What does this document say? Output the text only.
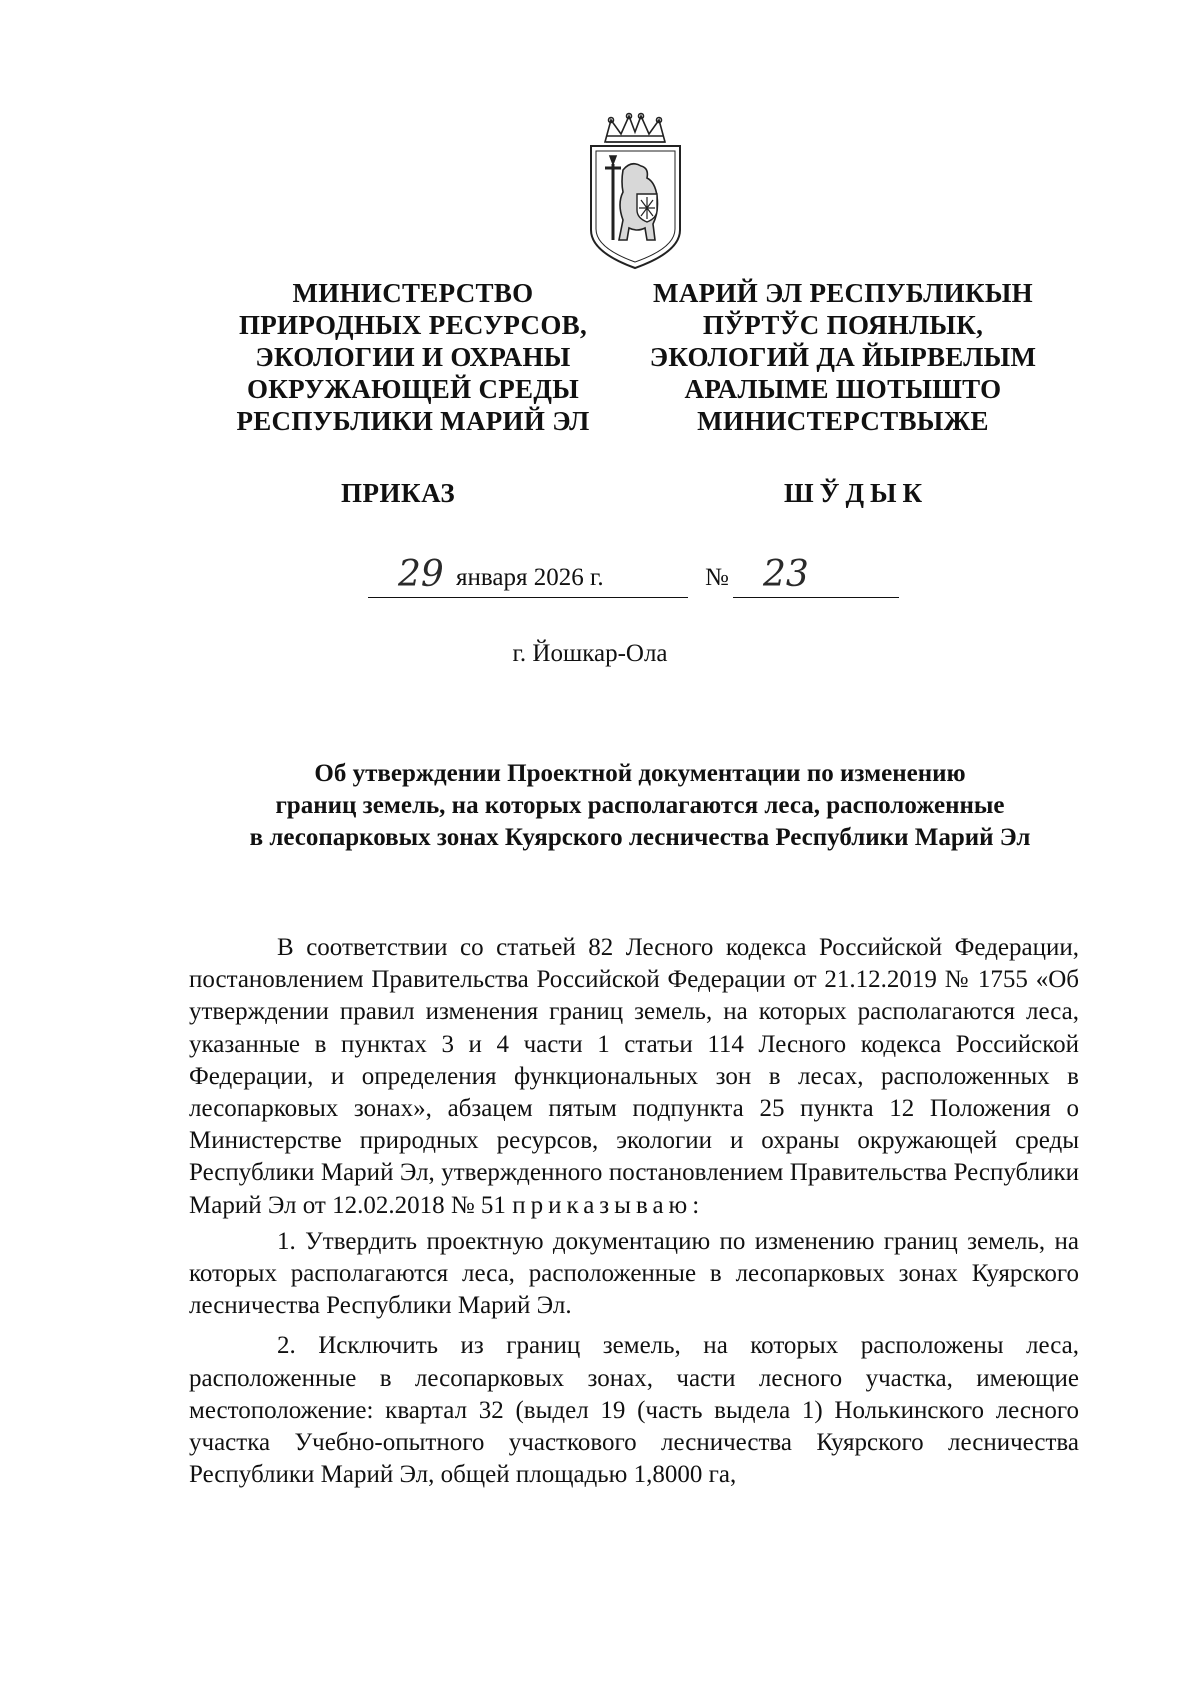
МИНИСТЕРСТВО
ПРИРОДНЫХ РЕСУРСОВ,
ЭКОЛОГИИ И ОХРАНЫ
ОКРУЖАЮЩЕЙ СРЕДЫ
РЕСПУБЛИКИ МАРИЙ ЭЛ
МАРИЙ ЭЛ РЕСПУБЛИКЫН
ПЎРТЎС ПОЯНЛЫК,
ЭКОЛОГИЙ ДА ЙЫРВЕЛЫМ
АРАЛЫМЕ ШОТЫШТО
МИНИСТЕРСТВЫЖЕ
ПРИКАЗ	ШЎДЫК
29 января 2026 г.	№ 23
г. Йошкар-Ола
Об утверждении Проектной документации по изменению
границ земель, на которых располагаются леса, расположенные
в лесопарковых зонах Куярского лесничества Республики Марий Эл

В соответствии со статьей 82 Лесного кодекса Российской Федерации, постановлением Правительства Российской Федерации от 21.12.2019 № 1755 «Об утверждении правил изменения границ земель, на которых располагаются леса, указанные в пунктах 3 и 4 части 1 статьи 114 Лесного кодекса Российской Федерации, и определения функциональных зон в лесах, расположенных в лесопарковых зонах», абзацем пятым подпункта 25 пункта 12 Положения о Министерстве природных ресурсов, экологии и охраны окружающей среды Республики Марий Эл, утвержденного постановлением Правительства Республики Марий Эл от 12.02.2018 № 51 приказываю:

1. Утвердить проектную документацию по изменению границ земель, на которых располагаются леса, расположенные в лесопарковых зонах Куярского лесничества Республики Марий Эл.

2. Исключить из границ земель, на которых расположены леса, расположенные в лесопарковых зонах, части лесного участка, имеющие местоположение: квартал 32 (выдел 19 (часть выдела 1) Нолькинского лесного участка Учебно-опытного участкового лесничества Куярского лесничества Республики Марий Эл, общей площадью 1,8000 га,
